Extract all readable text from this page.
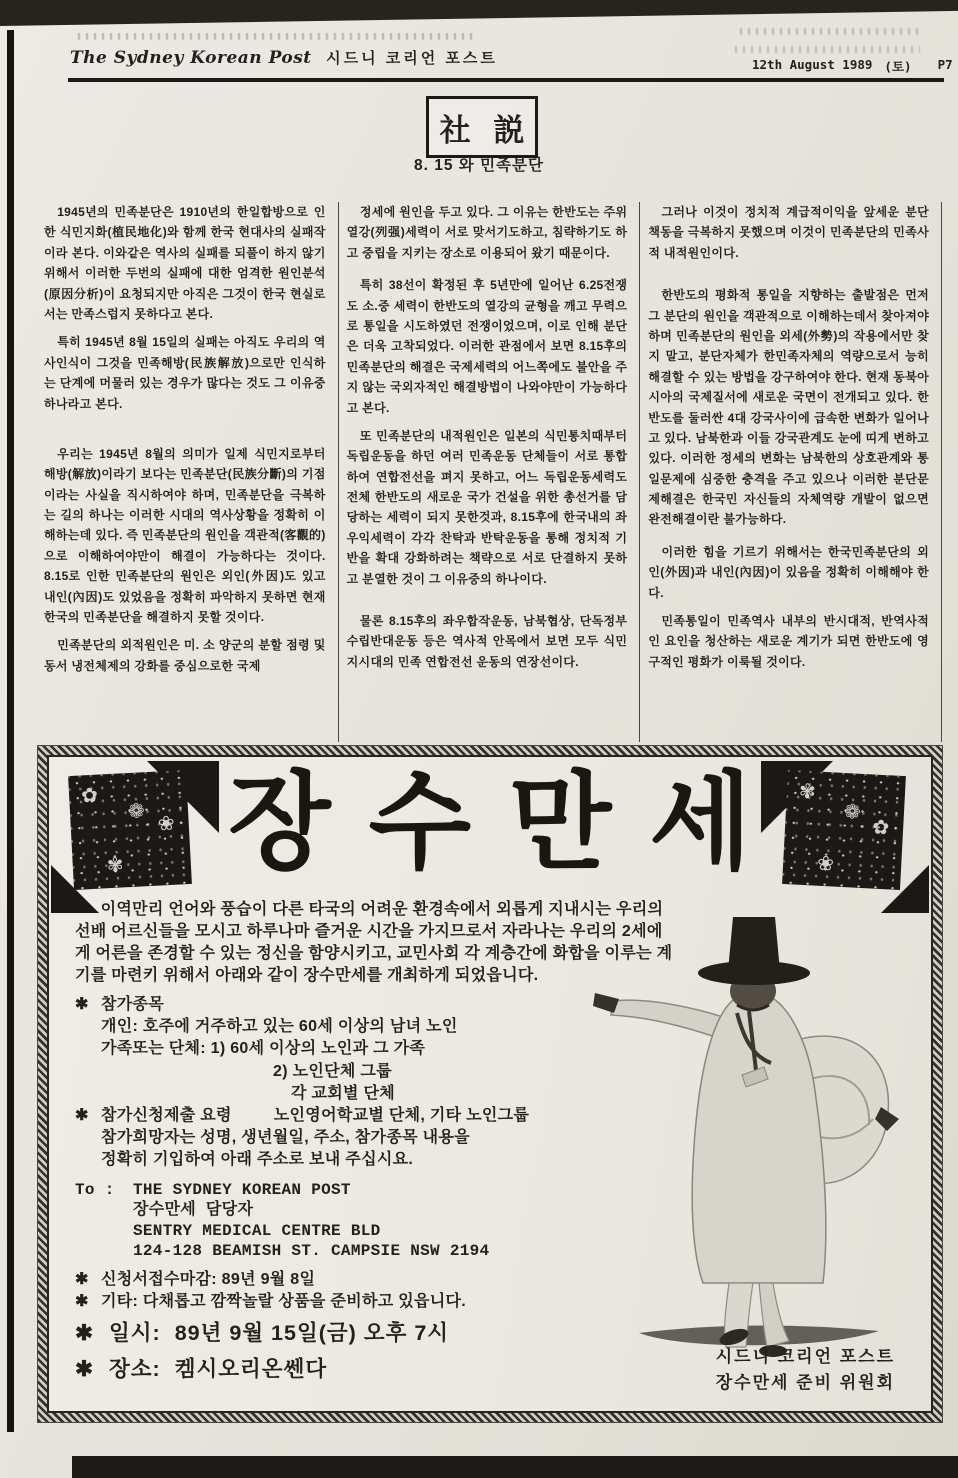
The Sydney Korean Post 시드니 코리언 포스트	12th August 1989 (토) P7
社 説
8. 15 와 민족분단

1945년의 민족분단은 1910년의 한일합방으로 인한 식민지화(植民地化)와 함께 한국 현대사의 실패작이라 본다. 이와같은 역사의 실패를 되풀이 하지 않기 위해서 이러한 두번의 실패에 대한 엄격한 원인분석(原因分析)이 요청되지만 아직은 그것이 한국 현실로서는 만족스럽지 못하다고 본다.

특히 1945년 8월 15일의 실패는 아직도 우리의 역사인식이 그것을 민족해방(民族解放)으로만 인식하는 단계에 머물러 있는 경우가 많다는 것도 그 이유중 하나라고 본다.

우리는 1945년 8월의 의미가 일제 식민지로부터 해방(解放)이라기 보다는 민족분단(民族分斷)의 기점이라는 사실을 직시하여야 하며, 민족분단을 극복하는 길의 하나는 이러한 시대의 역사상황을 정확히 이해하는데 있다. 즉 민족분단의 원인을 객관적(客觀的)으로 이해하여야만이 해결이 가능하다는 것이다. 8.15로 인한 민족분단의 원인은 외인(外因)도 있고 내인(內因)도 있었음을 정확히 파악하지 못하면 현재 한국의 민족분단을 해결하지 못할 것이다.

민족분단의 외적원인은 미. 소 양군의 분할 점령 및 동서 냉전체제의 강화를 중심으로한 국제

정세에 원인을 두고 있다. 그 이유는 한반도는 주위 열강(列强)세력이 서로 맞서기도하고, 침략하기도 하고 중립을 지키는 장소로 이용되어 왔기 때문이다.

특히 38선이 확정된 후 5년만에 일어난 6.25전쟁도 소.중 세력이 한반도의 열강의 균형을 깨고 무력으로 통일을 시도하였던 전쟁이었으며, 이로 인해 분단은 더욱 고착되었다. 이러한 관점에서 보면 8.15후의 민족분단의 해결은 국제세력의 어느쪽에도 불안을 주지 않는 국외자적인 해결방법이 나와야만이 가능하다고 본다.

또 민족분단의 내적원인은 일본의 식민통치때부터 독립운동을 하던 여러 민족운동 단체들이 서로 통합하여 연합전선을 펴지 못하고, 어느 독립운동세력도 전체 한반도의 새로운 국가 건설을 위한 총선거를 담당하는 세력이 되지 못한것과, 8.15후에 한국내의 좌우익세력이 각각 찬탁과 반탁운동을 통해 정치적 기반을 확대 강화하려는 책략으로 서로 단결하지 못하고 분열한 것이 그 이유중의 하나이다.

물론 8.15후의 좌우합작운동, 남북협상, 단독정부수립반대운동 등은 역사적 안목에서 보면 모두 식민지시대의 민족 연합전선 운동의 연장선이다.

그러나 이것이 정치적 계급적이익을 앞세운 분단책동을 극복하지 못했으며 이것이 민족분단의 민족사적 내적원인이다.

한반도의 평화적 통일을 지향하는 출발점은 먼저 그 분단의 원인을 객관적으로 이해하는데서 찾아져야하며 민족분단의 원인을 외세(外勢)의 작용에서만 찾지 말고, 분단자체가 한민족자체의 역량으로서 능히 해결할 수 있는 방법을 강구하여야 한다. 현재 동북아시아의 국제질서에 새로운 국면이 전개되고 있다. 한반도를 둘러싼 4대 강국사이에 급속한 변화가 일어나고 있다. 남북한과 이들 강국관계도 눈에 띠게 변하고 있다. 이러한 정세의 변화는 남북한의 상호관계와 통일문제에 심중한 충격을 주고 있으나 이러한 분단문제해결은 한국민 자신들의 자체역량 개발이 없으면 완전해결이란 불가능하다.

이러한 힘을 기르기 위해서는 한국민족분단의 외인(外因)과 내인(內因)이 있음을 정확히 이해해야 한다.

민족통일이 민족역사 내부의 반시대적, 반역사적인 요인을 청산하는 새로운 계기가 되면 한반도에 영구적인 평화가 이룩될 것이다.

✿
❀
✾
❁
✾
✿
❀
❁
장수만세

이역만리 언어와 풍습이 다른 타국의 어려운 환경속에서 외롭게 지내시는 우리의 선배 어르신들을 모시고 하루나마 즐거운 시간을 가지므로서 자라나는 우리의 2세에게 어른을 존경할 수 있는 정신을 함양시키고, 교민사회 각 계층간에 화합을 이루는 계기를 마련키 위해서 아래와 같이 장수만세를 개최하게 되었읍니다.

✱ 참가종목
개인: 호주에 거주하고 있는 60세 이상의 남녀 노인
가족또는 단체: 1) 60세 이상의 노인과 그 가족
2) 노인단체 그룹
각 교회별 단체
✱ 참가신청제출 요령	노인영어학교별 단체, 기타 노인그룹
참가희망자는 성명, 생년월일, 주소, 참가종목 내용을
정확히 기입하여 아래 주소로 보내 주십시요.
To :	THE SYDNEY KOREAN POST
장수만세 담당자
SENTRY MEDICAL CENTRE BLD
124-128 BEAMISH ST. CAMPSIE NSW 2194
✱ 신청서접수마감: 89년 9월 8일
✱ 기타: 다채롭고 깜짝놀랄 상품을 준비하고 있읍니다.
✱ 일시: 89년 9월 15일(금) 오후 7시
✱ 장소: 켐시오리온쎈다
시드니 코리언 포스트
장수만세 준비 위원회
